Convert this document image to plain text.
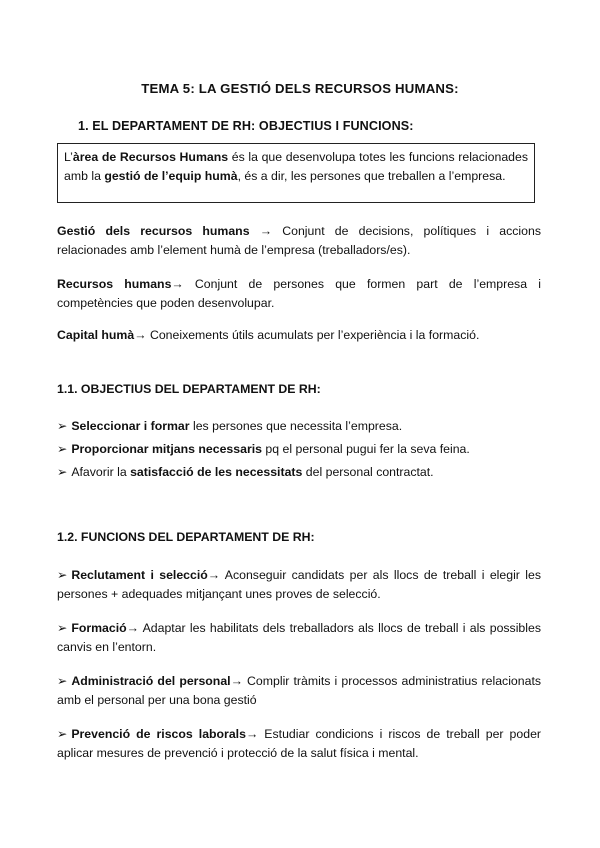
TEMA 5: LA GESTIÓ DELS RECURSOS HUMANS:
1. EL DEPARTAMENT DE RH: OBJECTIUS I FUNCIONS:
L’àrea de Recursos Humans és la que desenvolupa totes les funcions relacionades amb la gestió de l’equip humà, és a dir, les persones que treballen a l’empresa.
Gestió dels recursos humans → Conjunt de decisions, polítiques i accions relacionades amb l’element humà de l’empresa (treballadors/es).
Recursos humans→ Conjunt de persones que formen part de l’empresa i competències que poden desenvolupar.
Capital humà→ Coneixements útils acumulats per l’experiència i la formació.
1.1. OBJECTIUS DEL DEPARTAMENT DE RH:
➢ Seleccionar i formar les persones que necessita l’empresa.
➢ Proporcionar mitjans necessaris pq el personal pugui fer la seva feina.
➢ Afavorir la satisfacció de les necessitats del personal contractat.
1.2. FUNCIONS DEL DEPARTAMENT DE RH:
➢ Reclutament i selecció→ Aconseguir candidats per als llocs de treball i elegir les persones + adequades mitjançant unes proves de selecció.
➢ Formació→ Adaptar les habilitats dels treballadors als llocs de treball i als possibles canvis en l’entorn.
➢ Administració del personal→ Complir tràmits i processos administratius relacionats amb el personal per una bona gestió
➢ Prevenció de riscos laborals→ Estudiar condicions i riscos de treball per poder aplicar mesures de prevenció i protecció de la salut física i mental.
